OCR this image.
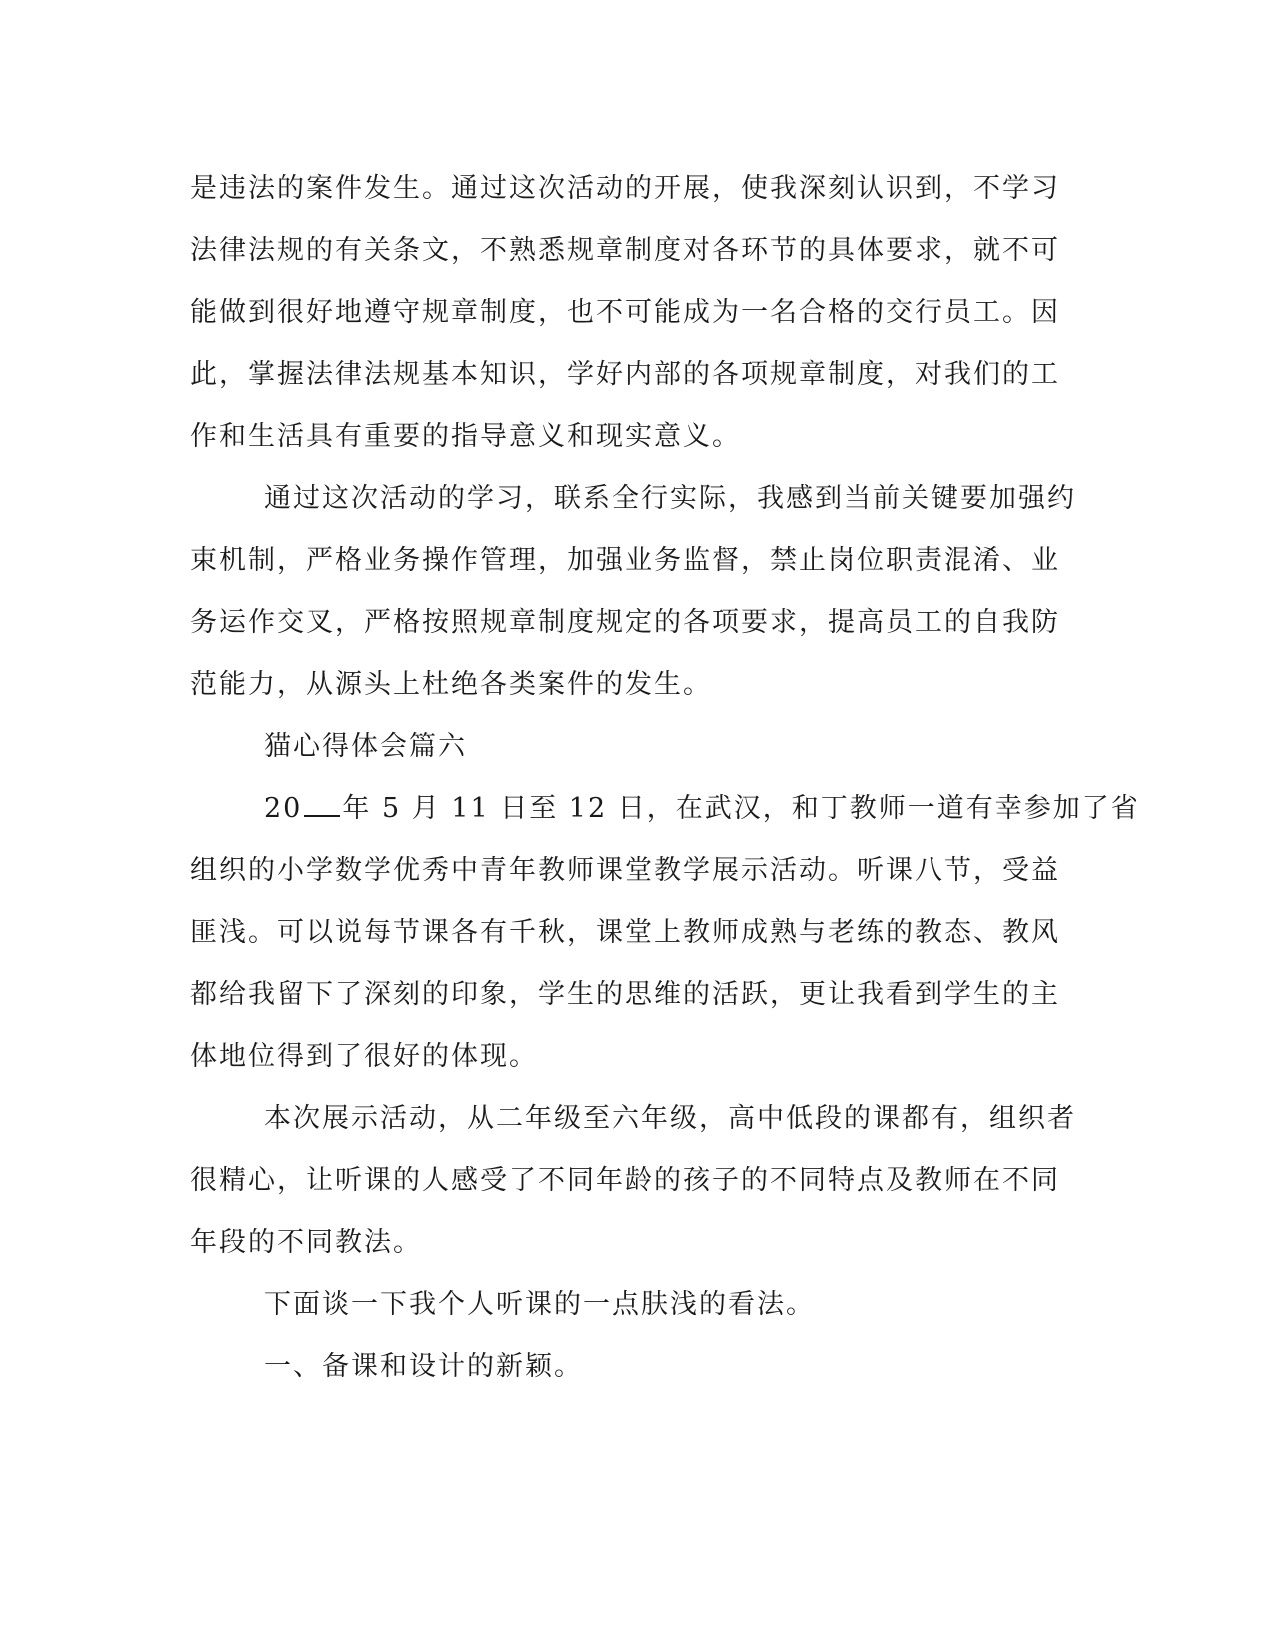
是违法的案件发生。通过这次活动的开展，使我深刻认识到，不学习
法律法规的有关条文，不熟悉规章制度对各环节的具体要求，就不可
能做到很好地遵守规章制度，也不可能成为一名合格的交行员工。因
此，掌握法律法规基本知识，学好内部的各项规章制度，对我们的工
作和生活具有重要的指导意义和现实意义。
通过这次活动的学习，联系全行实际，我感到当前关键要加强约
束机制，严格业务操作管理，加强业务监督，禁止岗位职责混淆、业
务运作交叉，严格按照规章制度规定的各项要求，提高员工的自我防
范能力，从源头上杜绝各类案件的发生。
猫心得体会篇六
20 年 5 月 11 日至 12 日，在武汉，和丁教师一道有幸参加了省
组织的小学数学优秀中青年教师课堂教学展示活动。听课八节，受益
匪浅。可以说每节课各有千秋，课堂上教师成熟与老练的教态、教风
都给我留下了深刻的印象，学生的思维的活跃，更让我看到学生的主
体地位得到了很好的体现。
本次展示活动，从二年级至六年级，高中低段的课都有，组织者
很精心，让听课的人感受了不同年龄的孩子的不同特点及教师在不同
年段的不同教法。
下面谈一下我个人听课的一点肤浅的看法。
一、备课和设计的新颖。
